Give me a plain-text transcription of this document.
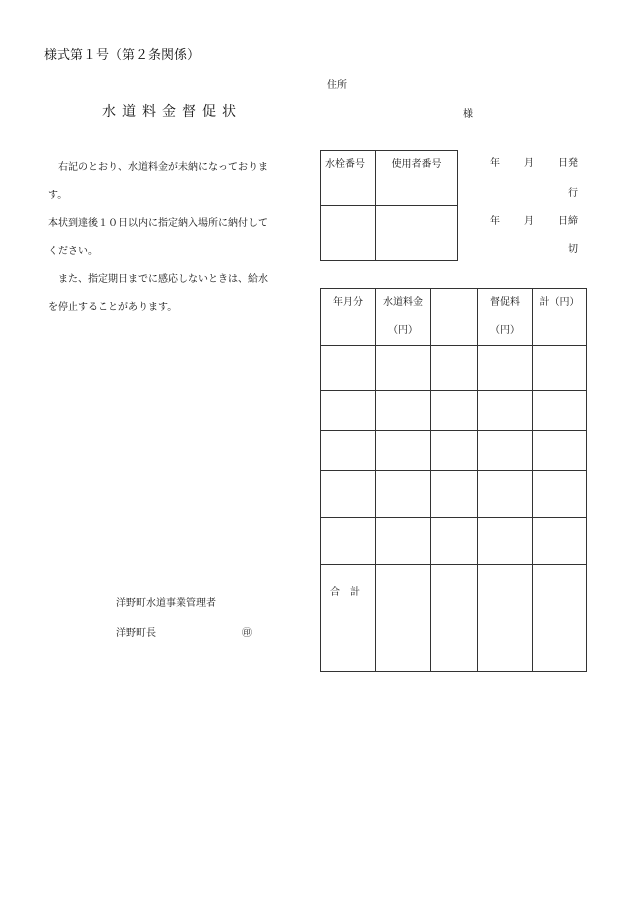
様式第１号（第２条関係）
住所
水道料金督促状	様

右記のとおり、水道料金が未納になっておりま

す。

本状到達後１０日以内に指定納入場所に納付して

ください。

また、指定期日までに感応しないときは、給水

を停止することがあります。

水栓番号	使用者番号

		年 月 日発
行
年 月 日締
切
年月分	水道料金（円）		督促料（円）	計（円）

合　計				

洋野町水道事業管理者
洋野町長	㊞
